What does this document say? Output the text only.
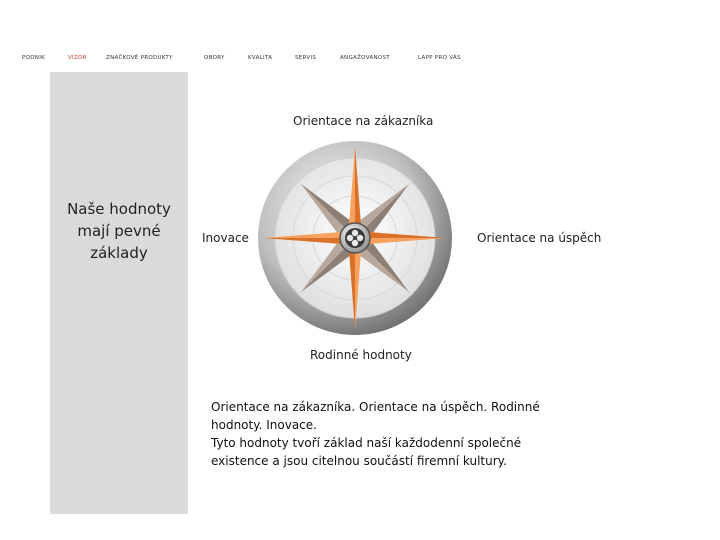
PODNIK	VÍZOR	ZNAČKOVÉ PRODUKTY	OBORY	KVALITA	SERVIS	ANGAŽOVANOST	LAPP PRO VÁS
Naše hodnoty mají pevné základy
Orientace na zákazníka
Orientace na úspěch
Rodinné hodnoty
Inovace

Orientace na zákazníka. Orientace na úspěch. Rodinné hodnoty. Inovace.

Tyto hodnoty tvoří základ naší každodenní společné existence a jsou citelnou součástí firemní kultury.
